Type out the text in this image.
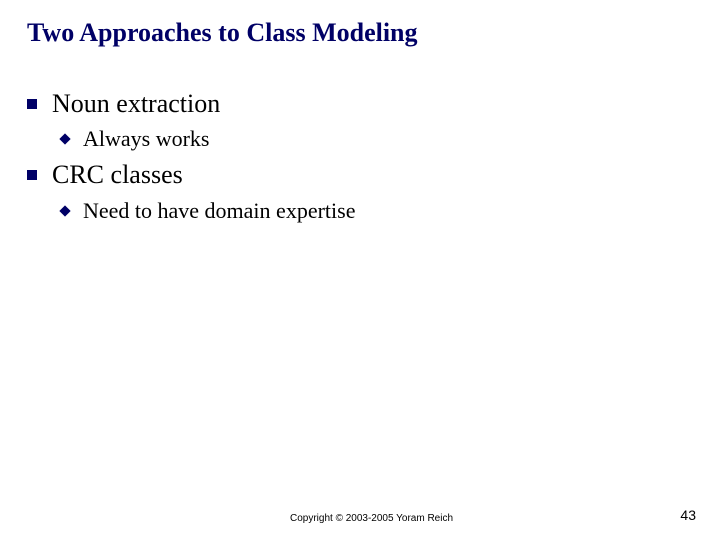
Two Approaches to Class Modeling
Noun extraction
Always works
CRC classes
Need to have domain expertise
Copyright © 2003-2005 Yoram Reich	43
